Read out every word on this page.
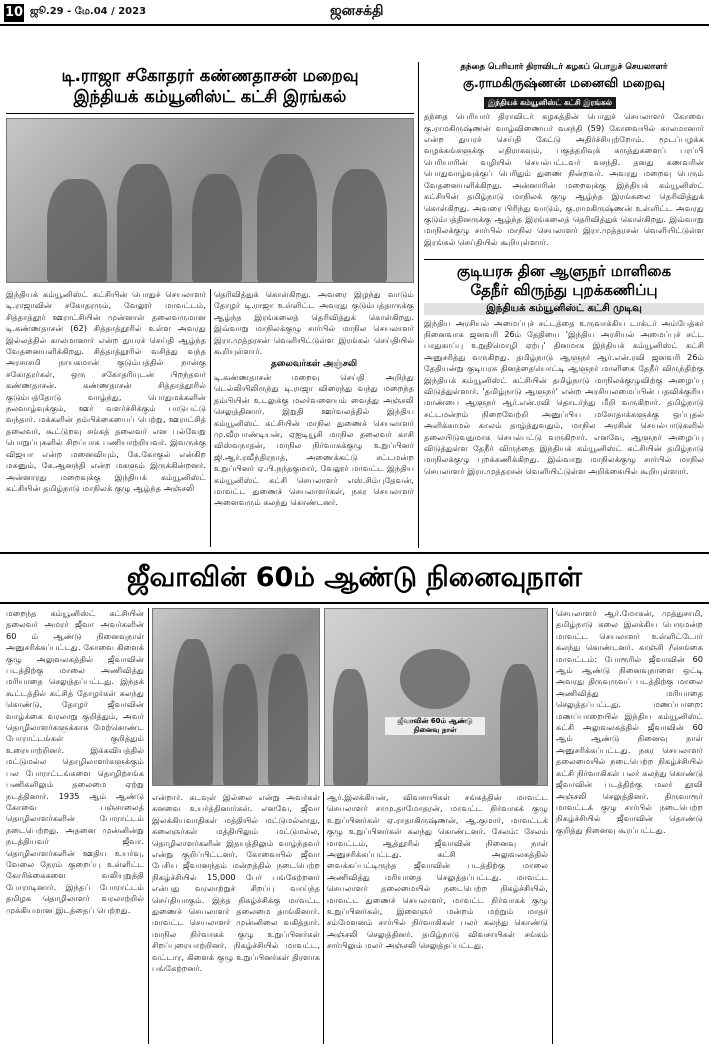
10 ஜூ.29 - மே.04 / 2023	ஜனசக்தி
டி.ராஜா சகோதரர் கண்ணதாசன் மறைவு
இந்தியக் கம்யூனிஸ்ட் கட்சி இரங்கல்
இந்தியக் கம்யூனிஸ்ட் கட்சியின் பொதுச் செயலாளர் டி.ராஜாவின் சகோதரரும், வேலூர் மாவட்டம், சித்தாத்தூர் ஊராட்சியின் முன்னாள் தலைவருமான டி.கண்ணதாசன் (62) சித்தாத்தூரில் உள்ள அவரது இல்லத்தில் காலமானார் என்ற துயரச் செய்தி ஆழ்ந்த வேதனையளிக்கிறது. சித்தாத்தூரில் வசித்து வந்த அரசாசமி நாயகமான் குடும்பத்தில் நான்கு சகோதரர்கள், ஒரு சகோதரியுடன் பிறந்தவர் கண்ணதாசன். கண்ணதாசன் சித்தாத்தூரில் குடும்பத்தோடு வாழ்ந்து, பொதுமக்களின் நலவாழ்வுக்கும், ஊர் வளர்ச்சிக்கும் பாடுபட்டு வந்தார். மக்களின் நம்பிக்கையைப் பெற்று, ஊராட்சித் தலைவர், கூட்டுறவு சங்கத் தலைவர் என பல்வேறு பொறுப்புகளில் சிறப்பாக பணியாற்றியவர். இவருக்கு விஜயா என்ற மனைவியும், கே.கோகுல் என்கிற மகனும், கே.ஆனந்தி என்ற மகளும் இருக்கின்றனர். அன்னாரது மறைவுக்கு இந்தியக் கம்யூனிஸ்ட் கட்சியின் தமிழ்நாடு மாநிலக் குழு ஆழ்ந்த அஞ்சலி
தெரிவித்துக் கொள்கிறது. அவரை இழந்து வாடும் தோழர் டி.ராஜா உள்ளிட்ட அவரது குடும்பத்தாருக்கு ஆழ்ந்த இரங்கலைத் தெரிவித்துக் கொள்கிறது. இவ்வாறு மாநிலக்குழு சார்பில் மாநில செயலாளர் இரா.முத்தரசன் வெளியிட்டுள்ள இரங்கல் செய்தியில் கூறியுள்ளார்.
தலைவர்கள் அஞ்சலி
டி.கண்ணதாசன் மறைவு செய்தி அறிந்து டெல்லியிலிருந்து டி.ராஜா விரைந்து வந்து மறைந்த தம்பியின் உடலுக்கு மலர்வளையம் வைத்து அஞ்சலி செலுத்தினார். இறுதி ஊர்வலத்தில் இந்திய கம்யூனிஸ்ட் கட்சியின் மாநில துணைச் செயலாளர் மு.வீரபாண்டியன், ஏஐடியூசி மாநில தலைவர் காசி விஸ்வநாதன், மாநில நிர்வாகக்குழு உறுப்பினர் ஜி.ஆர்.ரவீந்திரநாத், அணைக்கட்டு சட்டமன்ற உறுப்பினர் ஏ.பி.நந்தகுமார், வேலூர் மாவட்ட இந்திய கம்யூனிஸ்ட் கட்சி செயலாளர் எஸ்.சிம்புதேவன், மாவட்ட துணைச் செயலாளர்கள், நகர செயலாளர் அனைவரும் கலந்து கொண்டனர்.
தந்தை பெரியார் திராவிடர் கழகப் பொதுச் செயலாளர்
கு.ராமகிருஷ்ணன் மனைவி மறைவு
இந்தியக் கம்யூனிஸ்ட் கட்சி இரங்கல்
தந்தை பெரியார் திராவிடர் கழகத்தின் பொதுச் செயலாளர் கோவை கு.ராமகிருஷ்ணன் வாழ்விணையர் வசந்தி (59) கோவையில் காலமானார் என்ற துயரச் செய்தி கேட்டு அதிர்ச்சியுற்றோம். மூடப்பழக்க வழக்கங்களுக்கு எதிராகவும், பகுத்தறிவுக் கருத்துகளைப் பரப்பி பெரியாரின் வழியில் செயல்பட்டவர் வசந்தி. தனது கணவரின் பொதுவாழ்வுக்குப் பெரிதும் துணை நின்றவர். அவரது மறைவு பெரும் வேதனையளிக்கிறது. அன்னாரின் மறைவுக்கு இந்தியக் கம்யூனிஸ்ட் கட்சியின் தமிழ்நாடு மாநிலக் குழு ஆழ்ந்த இரங்கலை தெரிவித்துக் கொள்கிறது. அவரை பிரிந்து வாடும், கு.ராமகிருஷ்ணன் உள்ளிட்ட அவரது குடும்பத்தினருக்கு ஆழ்ந்த இரங்கலைத் தெரிவித்துக் கொள்கிறது. இவ்வாறு மாநிலக்குழு சார்பில் மாநில செயலாளர் இரா.முத்தரசன் வெளியிட்டுள்ள இரங்கல் செய்தியில் கூறியுள்ளார்.
குடியரசு தின ஆளுநர் மாளிகை
தேநீர் விருந்து புறக்கணிப்பு
இந்தியக் கம்யூனிஸ்ட் கட்சி முடிவு
இந்திய அரசியல் அமைப்புச் சட்டத்தை உருவாக்கிய டாக்டர் அம்பேத்கர் நினைவாக ஜனவரி 26ம் தேதியை 'இந்திய அரசியல் அமைப்புச் சட்ட பாதுகாப்பு உறுதிமொழி ஏற்பு' தினமாக இந்தியக் கம்யூனிஸ்ட் கட்சி அனுசரித்து வருகிறது. தமிழ்நாடு ஆளுநர் ஆர்.என்.ரவி ஜனவரி 26ம் தேதியன்று குடியரசு தினத்தையொட்டி ஆளுநர் மாளிகை தேநீர் விருந்திற்கு இந்தியக் கம்யூனிஸ்ட் கட்சியின் தமிழ்நாடு மாநிலக்குழுவிற்கு அழைப்பு விடுத்துள்ளார். 'தமிழ்நாடு ஆளுநர்' என்ற அரசியலமைப்பின் பதவிக்குரிய மாண்பை ஆளுநர் ஆர்.என்.ரவி தொடர்ந்து மீறி வருகிறார். தமிழ்நாடு சட்டமன்றம் நிறைவேற்றி அனுப்பிய மசோதாக்களுக்கு ஒப்புதல் அளிக்காமல் காலம் தாழ்த்துவதும், மாநில அரசின் செயல்பாடுகளில் தலையிடுவதுமாக செயல்பட்டு வருகிறார். எனவே, ஆளுநர் அழைப்பு விடுத்துள்ள தேநீர் விருந்தை இந்தியக் கம்யூனிஸ்ட் கட்சியின் தமிழ்நாடு மாநிலக்குழு புறக்கணிக்கிறது. இவ்வாறு மாநிலக்குழு சார்பில் மாநில செயலாளர் இரா.முத்தரசன் வெளியிட்டுள்ள அறிக்கையில் கூறியுள்ளார்.
ஜீவாவின் 60ம் ஆண்டு நினைவுநாள்
மறைந்த கம்யூனிஸ்ட் கட்சியின் தலைவர் அமரர் ஜீவா அவர்களின் 60 ம் ஆண்டு நினைவுநாள் அனுசரிக்கப்பட்டது. கோவை கிளைக் குழு அலுவலகத்தில் ஜீவாவின் படத்திற்கு மாலை அணிவித்து மரியாதை செலுத்தப்பட்டது. இந்தக் கூட்டத்தில் கட்சித் தோழர்கள் கலந்து கொண்டு, தோழர் ஜீவாவின் வாழ்க்கை வரலாறு குறித்தும், அவர் தொழிலாளர்களுக்காக மேற்கொண்ட போராட்டங்கள் குறித்தும் உரையாற்றினர். இக்கவியத்தில் மட்டுமல்ல தொழிலாளர்களுக்கும் பல போராட்டங்களை தொழிற்சங்க பணிகளிலும் தலைமை ஏற்று நடத்தினார். 1935 ஆம் ஆண்டு கோவை பஞ்சாலைத் தொழிலாளர்களின் போராட்டம் நடைபெற்றது. அதனை முன்னின்று நடத்தியவர் ஜீவா. தொழிலாளர்களின் ஊதிய உயர்வு, வேலை நேரம் குறைப்பு உள்ளிட்ட கோரிக்கைகளை வலியுறுத்தி போராடினார். இந்தப் போராட்டம் தமிழக தொழிலாளர் வரலாற்றில் முக்கியமான இடத்தைப் பெற்றது.
ஜீவாவின் 60ம் ஆண்டு நினைவு நாள்
என்றார். கடவுள் இல்லை என்று அவர்கள் கனவை உயர்த்தினார்கள். எனவே, ஜீவா இலக்கியவாதிகள் மத்தியில் மட்டுமல்லாது, கலைஞர்கள் மத்தியிலும் மட்டுமல்ல, தொழிலாளர்களின் இதயத்திலும் வாழ்ந்தவர் என்று குறிப்பிட்டனர். கோவையில் ஜீவா பேசிய ஜீவானந்தம் மன்றத்தில் நடைபெற்ற நிகழ்ச்சியில் 15,000 பேர் பங்கேற்றனர் என்பது வரலாற்றுச் சிறப்பு வாய்ந்த செய்தியாகும். இந்த நிகழ்ச்சிக்கு மாவட்ட துணைச் செயலாளர் தலைமை தாங்கினார். மாவட்ட செயலாளர் முன்னிலை வகித்தார். மாநில நிர்வாகக் குழு உறுப்பினர்கள் சிறப்புரையாற்றினர். நிகழ்ச்சியில் மாவட்ட, வட்டார, கிளைக் குழு உறுப்பினர்கள் திரளாக பங்கேற்றனர்.
ஆர்.இலக்கியன், விவசாயிகள் சங்கத்தின் மாவட்ட செயலாளர் சாமு.தாமோதரன், மாவட்ட நிர்வாகக் குழு உறுப்பினர்கள் ஏ.ராதாகிருஷ்ணன், ஆ.குமார், மாவட்டக் குழு உறுப்பினர்கள் கலந்து கொண்டனர். சேலம்: சேலம் மாவட்டம், ஆத்தூரில் ஜீவாவின் நினைவு நாள் அனுசரிக்கப்பட்டது. கட்சி அலுவலகத்தில் வைக்கப்பட்டிருந்த ஜீவாவின் படத்திற்கு மாலை அணிவித்து மரியாதை செலுத்தப்பட்டது. மாவட்ட செயலாளர் தலைமையில் நடைபெற்ற நிகழ்ச்சியில், மாவட்ட துணைச் செயலாளர், மாவட்ட நிர்வாகக் குழு உறுப்பினர்கள், இளைஞர் மன்றம் மற்றும் மாதர் சம்மேளனம் சார்பில் நிர்வாகிகள் பலர் கலந்து கொண்டு அஞ்சலி செலுத்தினர். தமிழ்நாடு விவசாயிகள் சங்கம் சார்பிலும் மலர் அஞ்சலி செலுத்தப்பட்டது.
செயலாளர் ஆர்.மோகன், முத்துசாமி, தமிழ்நாடு கலை இலக்கிய பெருமன்ற மாவட்ட செயலாளர் உள்ளிட்டோர் கலந்து கொண்டனர். காஞ்சி /செங்கை மாவட்டம்: போரூரில் ஜீவாவின் 60 ஆம் ஆண்டு நினைவுநாளை ஒட்டி அவரது திருவுருவப் படத்திற்கு மாலை அணிவித்து மரியாதை செலுத்தப்பட்டது. மணப்பாறை: மணப்பாறையில் இந்திய கம்யூனிஸ்ட் கட்சி அலுவலகத்தில் ஜீவாவின் 60 ஆம் ஆண்டு நினைவு நாள் அனுசரிக்கப்பட்டது. நகர செயலாளர் தலைமையில் நடைபெற்ற நிகழ்ச்சியில் கட்சி நிர்வாகிகள் பலர் கலந்து கொண்டு ஜீவாவின் படத்திற்கு மலர் தூவி அஞ்சலி செலுத்தினர். திருவாரூர் மாவட்டக் குழு சார்பில் நடைபெற்ற நிகழ்ச்சியில் ஜீவாவின் தொண்டு குறித்து நினைவு கூரப்பட்டது.
